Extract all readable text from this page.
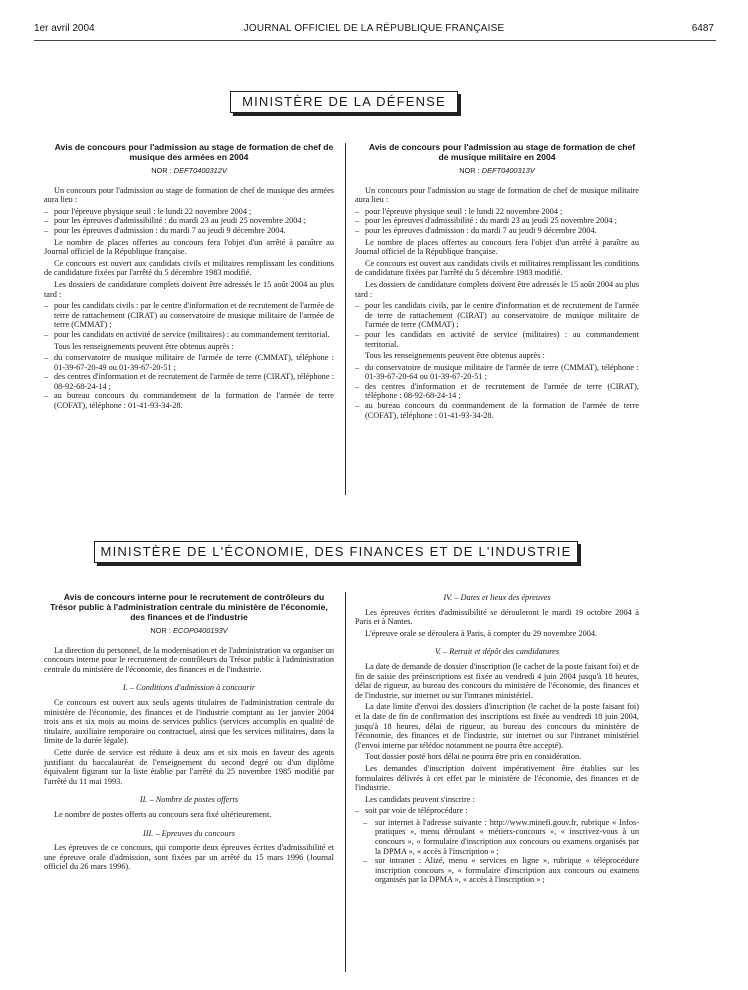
1er avril 2004	JOURNAL OFFICIEL DE LA RÉPUBLIQUE FRANÇAISE	6487
MINISTÈRE DE LA DÉFENSE

Avis de concours pour l'admission au stage de formation de chef de musique des armées en 2004

NOR : DEFT0400312V

Un concours pour l'admission au stage de formation de chef de musique des armées aura lieu :

– pour l'épreuve physique seuil : le lundi 22 novembre 2004 ;
– pour les épreuves d'admissibilité : du mardi 23 au jeudi 25 novembre 2004 ;
– pour les épreuves d'admission : du mardi 7 au jeudi 9 décembre 2004.

Le nombre de places offertes au concours fera l'objet d'un arrêté à paraître au Journal officiel de la République française.

Ce concours est ouvert aux candidats civils et militaires remplissant les conditions de candidature fixées par l'arrêté du 5 décembre 1983 modifié.

Les dossiers de candidature complets doivent être adressés le 15 août 2004 au plus tard :

– pour les candidats civils : par le centre d'information et de recrutement de l'armée de terre de rattachement (CIRAT) au conservatoire de musique militaire de l'armée de terre (CMMAT) ;
– pour les candidats en activité de service (militaires) : au commandement territorial.

Tous les renseignements peuvent être obtenus auprès :

– du conservatoire de musique militaire de l'armée de terre (CMMAT), téléphone : 01-39-67-20-49 ou 01-39-67-20-51 ;
– des centres d'information et de recrutement de l'armée de terre (CIRAT), téléphone : 08-92-68-24-14 ;
– au bureau concours du commandement de la formation de l'armée de terre (COFAT), téléphone : 01-41-93-34-28.

Avis de concours pour l'admission au stage de formation de chef de musique militaire en 2004

NOR : DEFT0400313V

Un concours pour l'admission au stage de formation de chef de musique militaire aura lieu :

– pour l'épreuve physique seuil : le lundi 22 novembre 2004 ;
– pour les épreuves d'admissibilité : du mardi 23 au jeudi 25 novembre 2004 ;
– pour les épreuves d'admission : du mardi 7 au jeudi 9 décembre 2004.

Le nombre de places offertes au concours fera l'objet d'un arrêté à paraître au Journal officiel de la République française.

Ce concours est ouvert aux candidats civils et militaires remplissant les conditions de candidature fixées par l'arrêté du 5 décembre 1983 modifié.

Les dossiers de candidature complets doivent être adressés le 15 août 2004 au plus tard :

– pour les candidats civils, par le centre d'information et de recrutement de l'armée de terre de rattachement (CIRAT) au conservatoire de musique militaire de l'armée de terre (CMMAT) ;
– pour les candidats en activité de service (militaires) : au commandement territorial.

Tous les renseignements peuvent être obtenus auprès :

– du conservatoire de musique militaire de l'armée de terre (CMMAT), téléphone : 01-39-67-20-64 ou 01-39-67-20-51 ;
– des centres d'information et de recrutement de l'armée de terre (CIRAT), téléphone : 08-92-68-24-14 ;
– au bureau concours du commandement de la formation de l'armée de terre (COFAT), téléphone : 01-41-93-34-28.
MINISTÈRE DE L'ÉCONOMIE, DES FINANCES ET DE L'INDUSTRIE

Avis de concours interne pour le recrutement de contrôleurs du Trésor public à l'administration centrale du ministère de l'économie, des finances et de l'industrie

NOR : ECOP0400193V

La direction du personnel, de la modernisation et de l'administration va organiser un concours interne pour le recrutement de contrôleurs du Trésor public à l'administration centrale du ministère de l'économie, des finances et de l'industrie.

I. – Conditions d'admission à concourir

Ce concours est ouvert aux seuls agents titulaires de l'administration centrale du ministère de l'économie, des finances et de l'industrie comptant au 1er janvier 2004 trois ans et six mois au moins de services publics (services accomplis en qualité de titulaire, auxiliaire temporaire ou contractuel, ainsi que les services militaires, dans la limite de la durée légale).

Cette durée de service est réduite à deux ans et six mois en faveur des agents justifiant du baccalauréat de l'enseignement du second degré ou d'un diplôme équivalent figurant sur la liste établie par l'arrêté du 25 novembre 1985 modifié par l'arrêté du 11 mai 1993.

II. – Nombre de postes offerts

Le nombre de postes offerts au concours sera fixé ultérieurement.

III. – Epreuves du concours

Les épreuves de ce concours, qui comporte deux épreuves écrites d'admissibilité et une épreuve orale d'admission, sont fixées par un arrêté du 15 mars 1996 (Journal officiel du 26 mars 1996).

IV. – Dates et lieux des épreuves

Les épreuves écrites d'admissibilité se dérouleront le mardi 19 octobre 2004 à Paris et à Nantes.

L'épreuve orale se déroulera à Paris, à compter du 29 novembre 2004.

V. – Retrait et dépôt des candidatures

La date de demande de dossier d'inscription (le cachet de la poste faisant foi) et de fin de saisie des préinscriptions est fixée au vendredi 4 juin 2004 jusqu'à 18 heures, délai de rigueur, au bureau des concours du ministère de l'économie, des finances et de l'industrie, sur internet ou sur l'intranet ministériel.

La date limite d'envoi des dossiers d'inscription (le cachet de la poste faisant foi) et la date de fin de confirmation des inscriptions est fixée au vendredi 18 juin 2004, jusqu'à 18 heures, délai de rigueur, au bureau des concours du ministère de l'économie, des finances et de l'industrie, sur internet ou sur l'intranet ministériel (l'envoi interne par télédoc notamment ne pourra être accepté).

Tout dossier posté hors délai ne pourra être pris en considération.

Les demandes d'inscription doivent impérativement être établies sur les formulaires délivrés à cet effet par le ministère de l'économie, des finances et de l'industrie.

Les candidats peuvent s'inscrire :

– soit par voie de téléprocédure :
– sur internet à l'adresse suivante : http://www.minefi.gouv.fr, rubrique « Infos-pratiques », menu déroulant « métiers-concours », « inscrivez-vous à un concours », « formulaire d'inscription aux concours ou examens organisés par la DPMA », « accès à l'inscription » ;
– sur intranet : Alizé, menu « services en ligne », rubrique « téléprocédure inscription concours », « formulaire d'inscription aux concours ou examens organisés par la DPMA », « accès à l'inscription » ;
